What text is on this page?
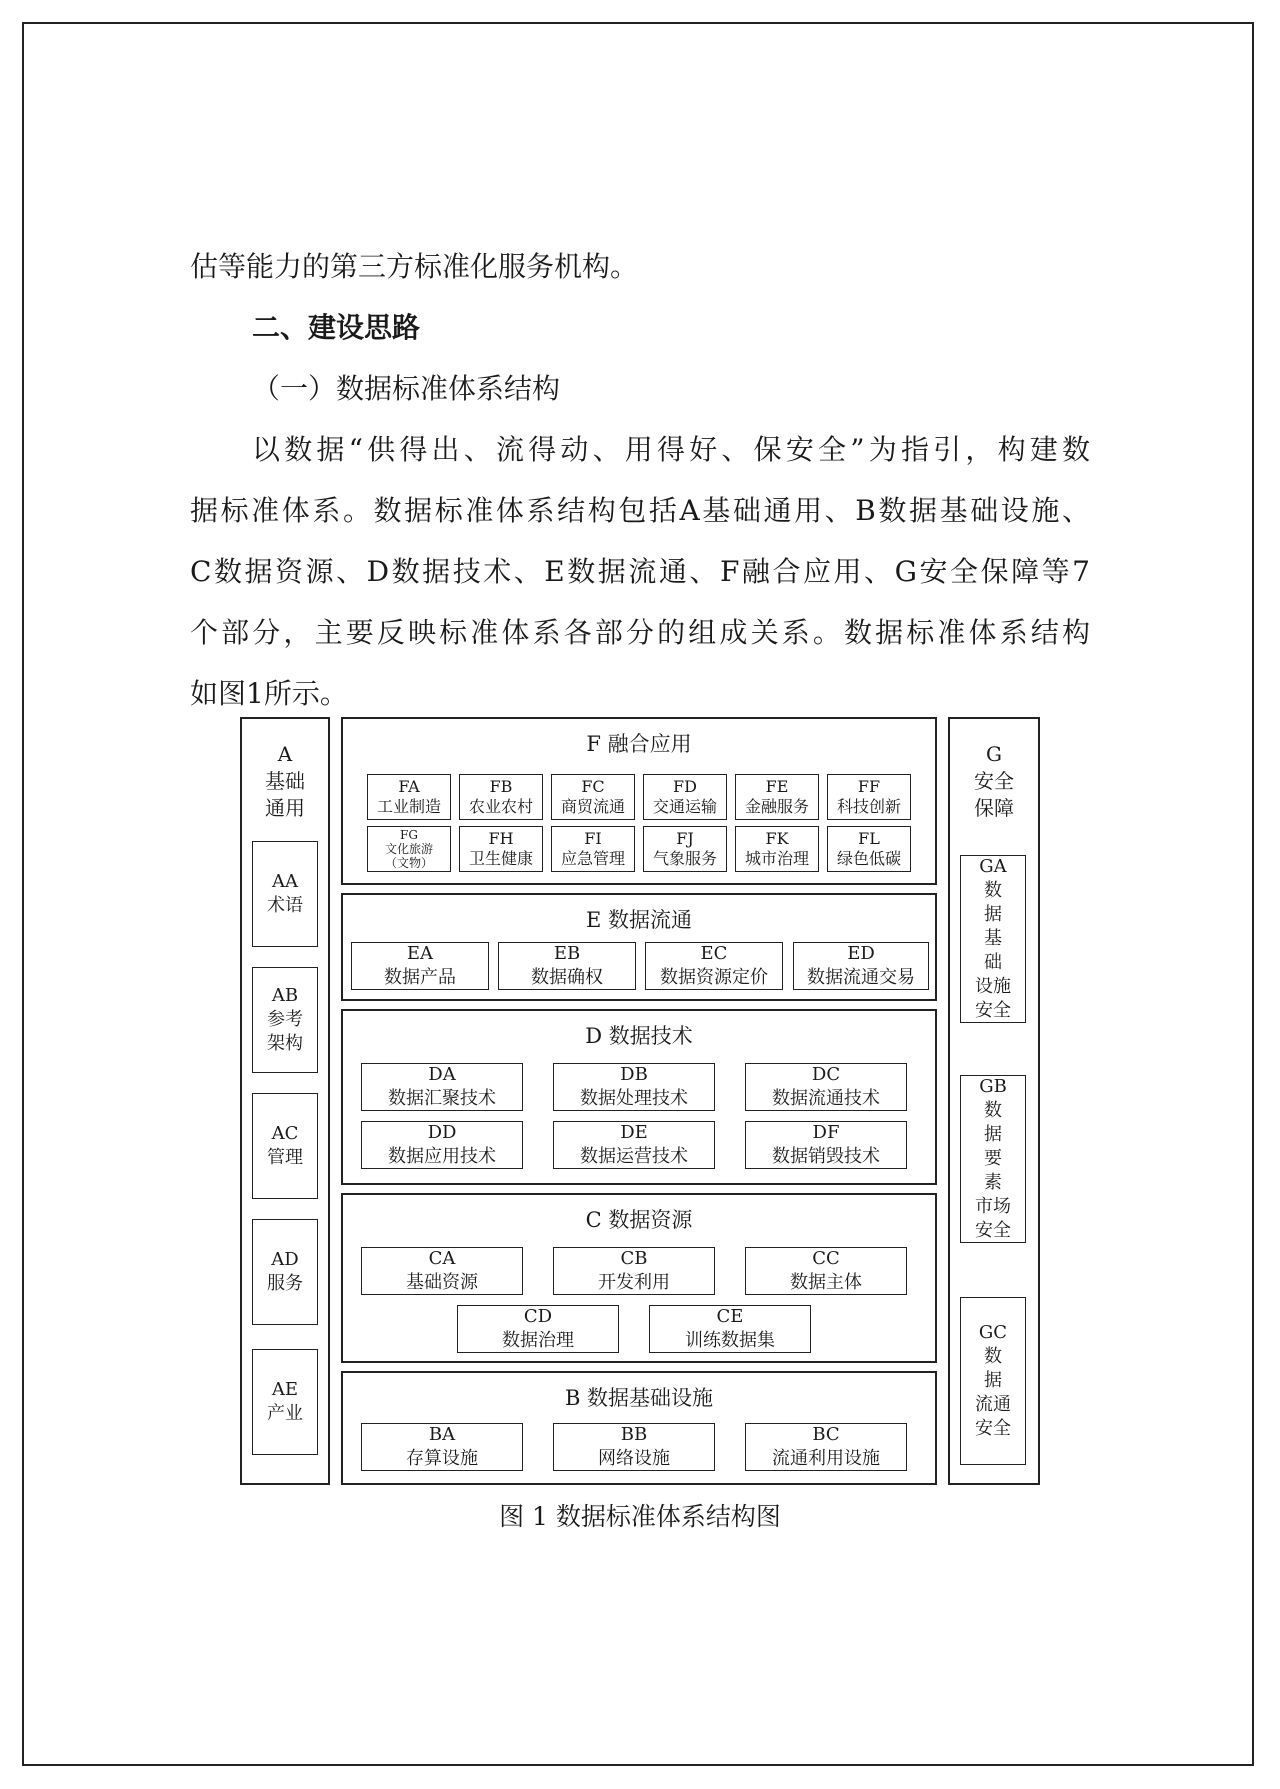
估等能力的第三方标准化服务机构。
二、建设思路
（一）数据标准体系结构
以数据“供得出、流得动、用得好、保安全”为指引，构建数
据标准体系。数据标准体系结构包括A基础通用、B数据基础设施、
C数据资源、D数据技术、E数据流通、F融合应用、G安全保障等7
个部分，主要反映标准体系各部分的组成关系。数据标准体系结构
如图1所示。
A
基础
通用
AA
术语
AB
参考
架构
AC
管理
AD
服务
AE
产业
G
安全
保障
GA
数
据
基
础
设施
安全
GB
数
据
要
素
市场
安全
GC
数
据
流通
安全
F 融合应用
FA
工业制造
FB
农业农村
FC
商贸流通
FD
交通运输
FE
金融服务
FF
科技创新
FG
文化旅游
（文物）
FH
卫生健康
FI
应急管理
FJ
气象服务
FK
城市治理
FL
绿色低碳
E 数据流通
EA
数据产品
EB
数据确权
EC
数据资源定价
ED
数据流通交易
D 数据技术
DA
数据汇聚技术
DB
数据处理技术
DC
数据流通技术
DD
数据应用技术
DE
数据运营技术
DF
数据销毁技术
C 数据资源
CA
基础资源
CB
开发利用
CC
数据主体
CD
数据治理
CE
训练数据集
B 数据基础设施
BA
存算设施
BB
网络设施
BC
流通利用设施
图 1 数据标准体系结构图
